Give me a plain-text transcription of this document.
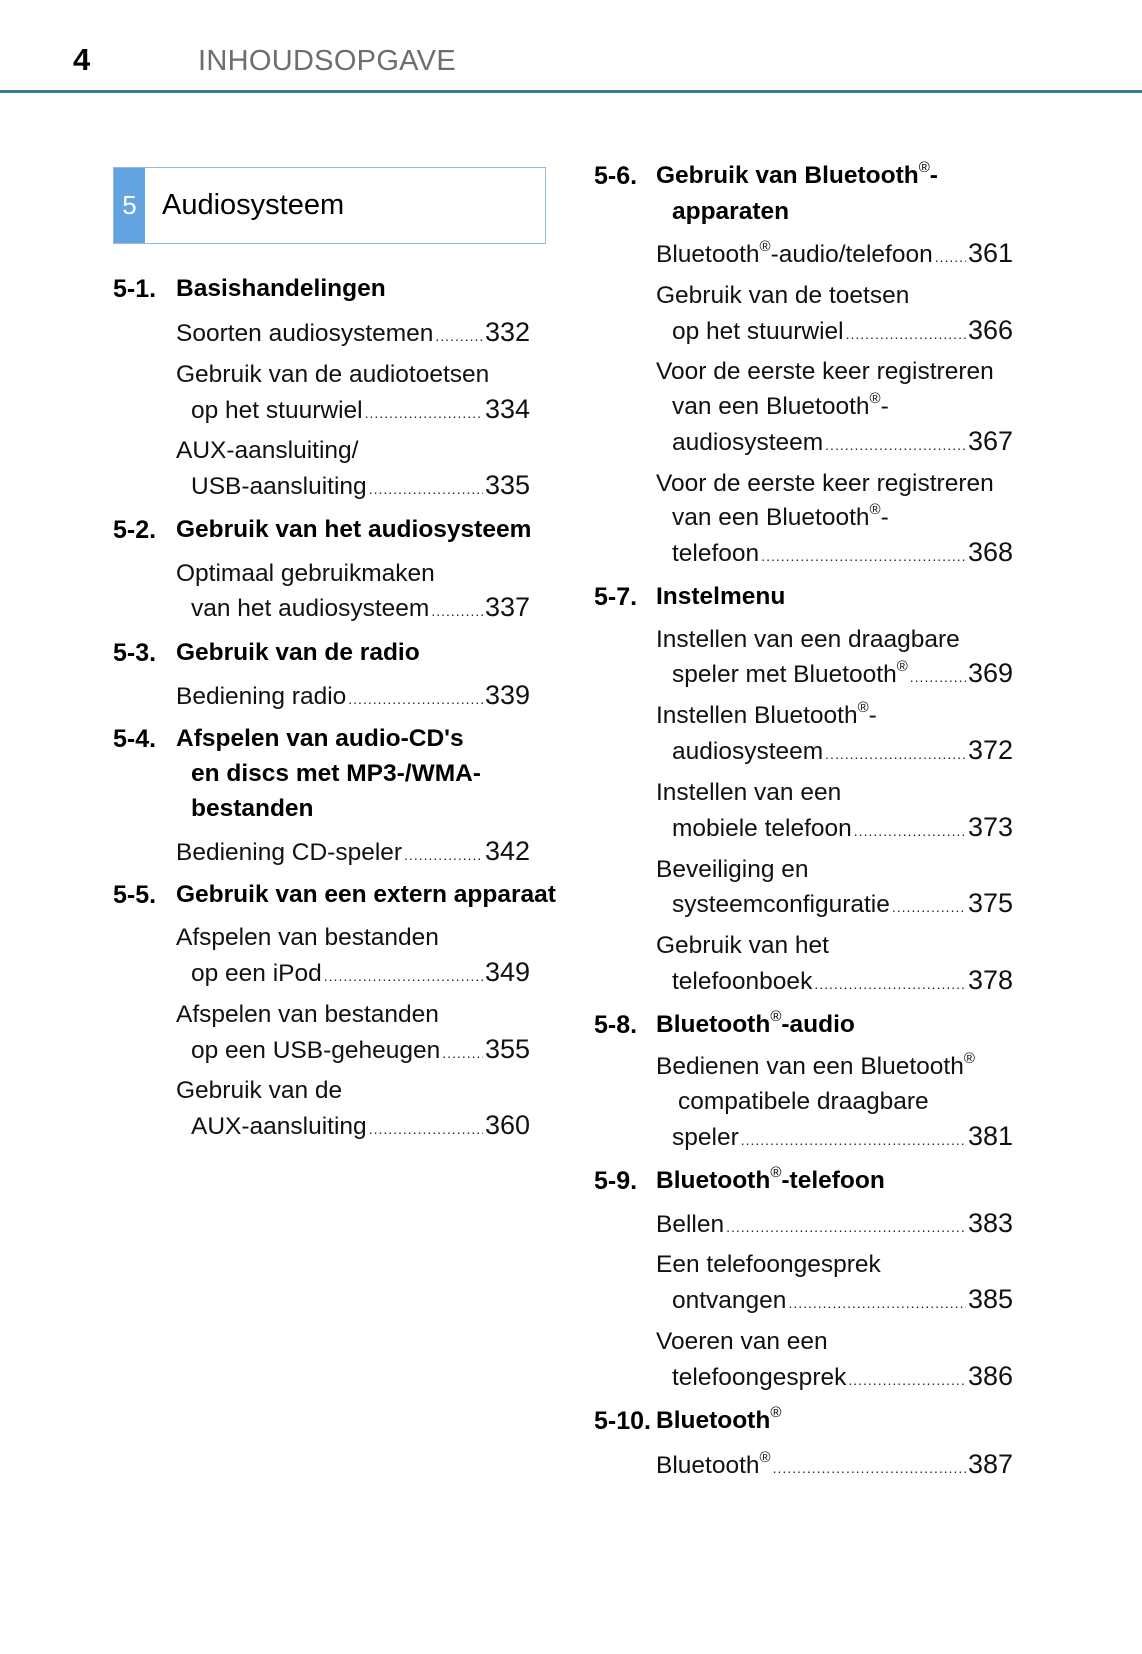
4	INHOUDSOPGAVE
5 Audiosysteem
5-1. Basishandelingen
Soorten audiosystemen ..... 332
Gebruik van de audiotoetsen
op het stuurwiel .....	334
AUX-aansluiting/
USB-aansluiting .....	335
5-2. Gebruik van het audiosysteem
Optimaal gebruikmaken
van het audiosysteem ..... 337
5-3. Gebruik van de radio
Bediening radio .....	339
5-4. Afspelen van audio-CD's
en discs met MP3-/WMA-
bestanden
Bediening CD-speler .....	342
5-5. Gebruik van een extern apparaat
Afspelen van bestanden
op een iPod .....	349
Afspelen van bestanden
op een USB-geheugen ..... 355
Gebruik van de
AUX-aansluiting .....	360
5-6. Gebruik van Bluetooth®-
apparaten
Bluetooth®-audio/telefoon ..... 361
Gebruik van de toetsen
op het stuurwiel .....	366
Voor de eerste keer registreren
van een Bluetooth®-
audiosysteem .....	367
Voor de eerste keer registreren
van een Bluetooth®-
telefoon .....	368
5-7. Instelmenu
Instellen van een draagbare
speler met Bluetooth® ..... 369
Instellen Bluetooth®-
audiosysteem .....	372
Instellen van een
mobiele telefoon .....	373
Beveiliging en
systeemconfiguratie .....	375
Gebruik van het
telefoonboek .....	378
5-8. Bluetooth®-audio
Bedienen van een Bluetooth®
compatibele draagbare
speler .....	381
5-9. Bluetooth®-telefoon
Bellen .....	383
Een telefoongesprek
ontvangen .....	385
Voeren van een
telefoongesprek .....	386
5-10. Bluetooth®
Bluetooth® .....	387
